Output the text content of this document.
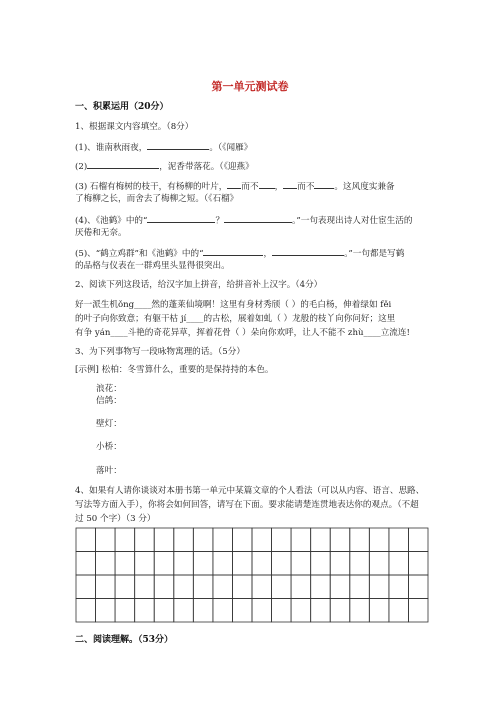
第一单元测试卷
一、积累运用（20分）
1、根据课文内容填空。（8分）
(1)、谁南秋雨夜，	。（《闻雁》
(2)	，泥香带落花。（《迎燕》
(3) 石榴有梅树的枝干，有杨柳的叶片， 而不 ， 而不 。这风度实兼备
了梅柳之长，而舍去了梅柳之短。（《石榴》
(4)、《池鹤》中的“	？	。”一句表现出诗人对仕宦生活的
厌倦和无奈。
(5)、“鹤立鸡群”和《池鹤》中的“	，	。”一句都是写鹤
的品格与仪表在一群鸡里头显得很突出。
2、阅读下列这段话，给汉字加上拼音，给拼音补上汉字。（4分）
好一派生机ǒng____然的蓬莱仙境啊！这里有身材秀颀（ ）的毛白杨，伸着绿如 fěi
的叶子向你致意；有躯干枯 jí____的古松，展着如虬（ ）龙般的枝丫向你问好；这里
有争 yán____斗艳的奇花异草，挥着花骨（ ）朵向你欢呼，让人不能不 zhù____立流连!
3、为下列事物写一段咏物寓理的话。（5分）
[示例] 松柏：冬雪算什么，重要的是保持持的本色。
浪花：
信鸽：
壁灯：
小桥：
落叶：
4、如果有人请你谈谈对本册书第一单元中某篇文章的个人看法（可以从内容、语言、思路、
二、阅读理解。（53分）
写法等方面入手），你将会如何回答，请写在下面。要求能请楚连贯地表达你的观点。（不超
过 50 个字）（3 分）
